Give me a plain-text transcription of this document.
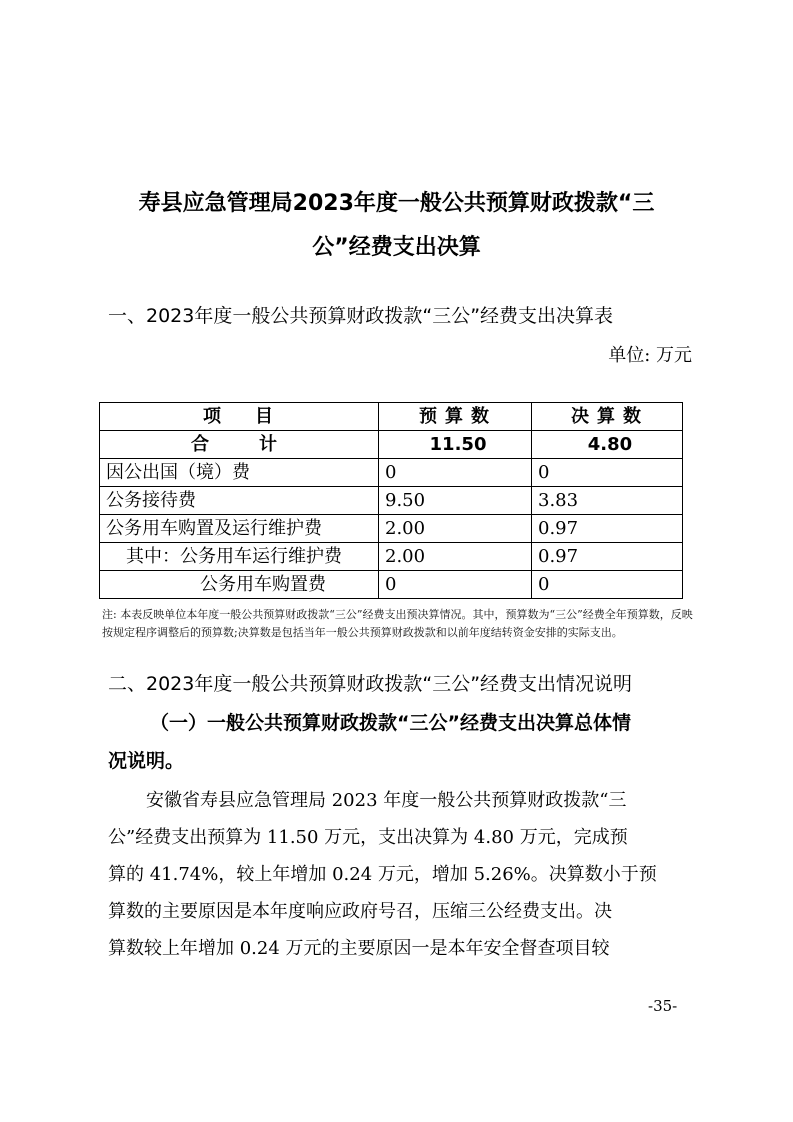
寿县应急管理局2023年度一般公共预算财政拨款“三
公”经费支出决算
一、2023年度一般公共预算财政拨款“三公”经费支出决算表
单位: 万元
项　目	预算数	决算数
合　计	11.50	4.80
因公出国（境）费	0	0
公务接待费	9.50	3.83
公务用车购置及运行维护费	2.00	0.97
其中：公务用车运行维护费	2.00	0.97
公务用车购置费	0	0
注: 本表反映单位本年度一般公共预算财政拨款“三公”经费支出预决算情况。其中，预算数为“三公”经费全年预算数，反映按规定程序调整后的预算数;决算数是包括当年一般公共预算财政拨款和以前年度结转资金安排的实际支出。
二、2023年度一般公共预算财政拨款“三公”经费支出情况说明
（一）一般公共预算财政拨款“三公”经费支出决算总体情
况说明。
安徽省寿县应急管理局 2023 年度一般公共预算财政拨款“三
公”经费支出预算为 11.50 万元，支出决算为 4.80 万元，完成预
算的 41.74%，较上年增加 0.24 万元，增加 5.26%。决算数小于预
算数的主要原因是本年度响应政府号召，压缩三公经费支出。决
算数较上年增加 0.24 万元的主要原因一是本年安全督查项目较
-35-
